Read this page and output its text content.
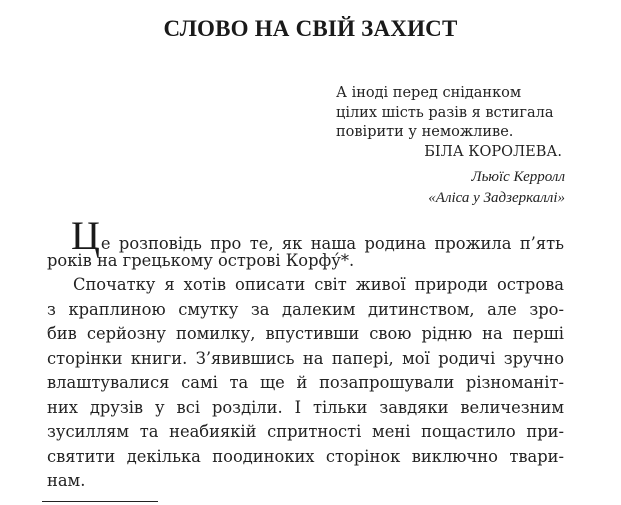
СЛОВО НА СВІЙ ЗАХИСТ
А іноді перед сніданком
цілих шість разів я встигала
повірити у неможливе.
БІЛА КОРОЛЕВА.
Льюїс Керролл
«Аліса у Задзеркаллі»
Це розповідь про те, як наша родина прожила п’ять
років на грецькому острові Корфу́*.
Спочатку я хотів описати світ живої природи острова
з краплиною смутку за далеким дитинством, але зро-
бив серйозну помилку, впустивши свою рідню на перші
сторінки книги. З’явившись на папері, мої родичі зручно
влаштувалися самі та ще й позапрошували різноманіт-
них друзів у всі розділи. І тільки завдяки величезним
зусиллям та неабиякій спритності мені пощастило при-
святити декілька поодиноких сторінок виключно твари-
нам.
